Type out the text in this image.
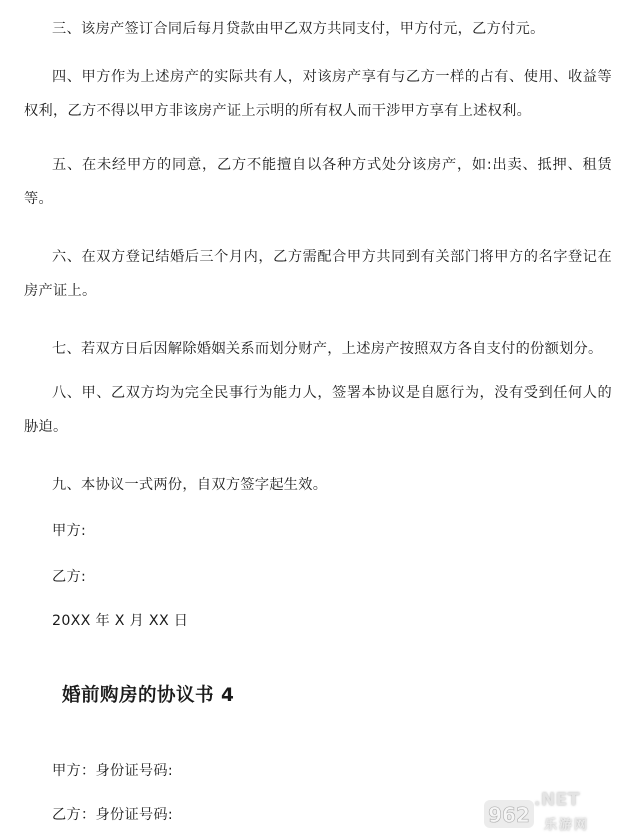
三、该房产签订合同后每月贷款由甲乙双方共同支付，甲方付元，乙方付元。

四、甲方作为上述房产的实际共有人，对该房产享有与乙方一样的占有、使用、收益等权利，乙方不得以甲方非该房产证上示明的所有权人而干涉甲方享有上述权利。

五、在未经甲方的同意，乙方不能擅自以各种方式处分该房产，如:出卖、抵押、租赁等。

六、在双方登记结婚后三个月内，乙方需配合甲方共同到有关部门将甲方的名字登记在房产证上。

七、若双方日后因解除婚姻关系而划分财产，上述房产按照双方各自支付的份额划分。

八、甲、乙双方均为完全民事行为能力人，签署本协议是自愿行为，没有受到任何人的胁迫。

九、本协议一式两份，自双方签字起生效。

甲方:

乙方:

20XX 年 X 月 XX 日

婚前购房的协议书 4

甲方：身份证号码:

乙方：身份证号码:	962
.NET
乐游网
